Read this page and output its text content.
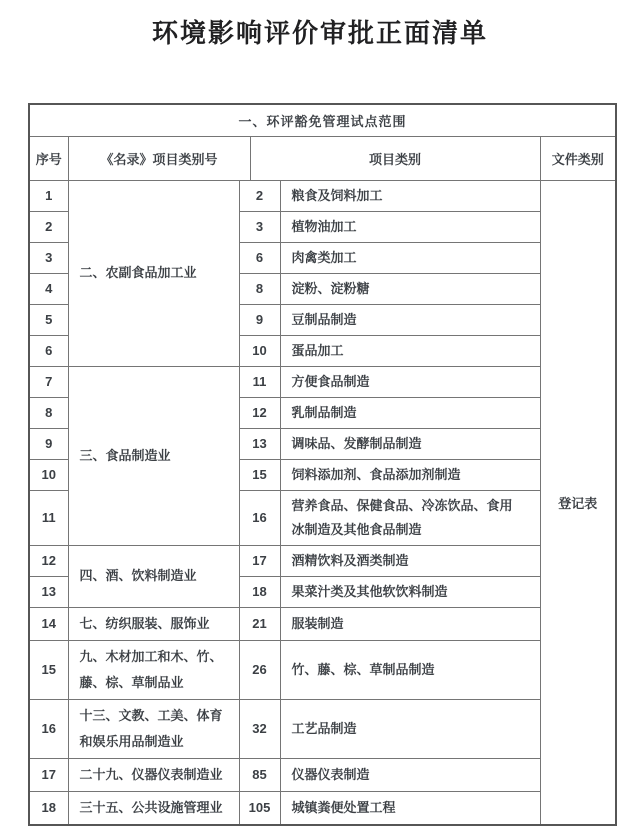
环境影响评价审批正面清单
一、环评豁免管理试点范围					
序号	《名录》项目类别号		项目类别		文件类别
1	二、农副食品加工业	2		粮食及饲料加工	登记表
2		3		植物油加工	
3		6		肉禽类加工	
4		8		淀粉、淀粉糖	
5		9		豆制品制造	
6		10		蛋品加工	
7	三、食品制造业	11		方便食品制造	
8		12		乳制品制造	
9		13		调味品、发酵制品制造	
10		15		饲料添加剂、食品添加剂制造	
11		16		营养食品、保健食品、冷冻饮品、食用冰制造及其他食品制造	
12	四、酒、饮料制造业	17		酒精饮料及酒类制造	
13		18		果菜汁类及其他软饮料制造	
14	七、纺织服装、服饰业	21		服装制造	
15	九、木材加工和木、竹、藤、棕、草制品业	26		竹、藤、棕、草制品制造	
16	十三、文教、工美、体育和娱乐用品制造业	32		工艺品制造	
17	二十九、仪器仪表制造业	85		仪器仪表制造	
18	三十五、公共设施管理业	105		城镇粪便处置工程	
